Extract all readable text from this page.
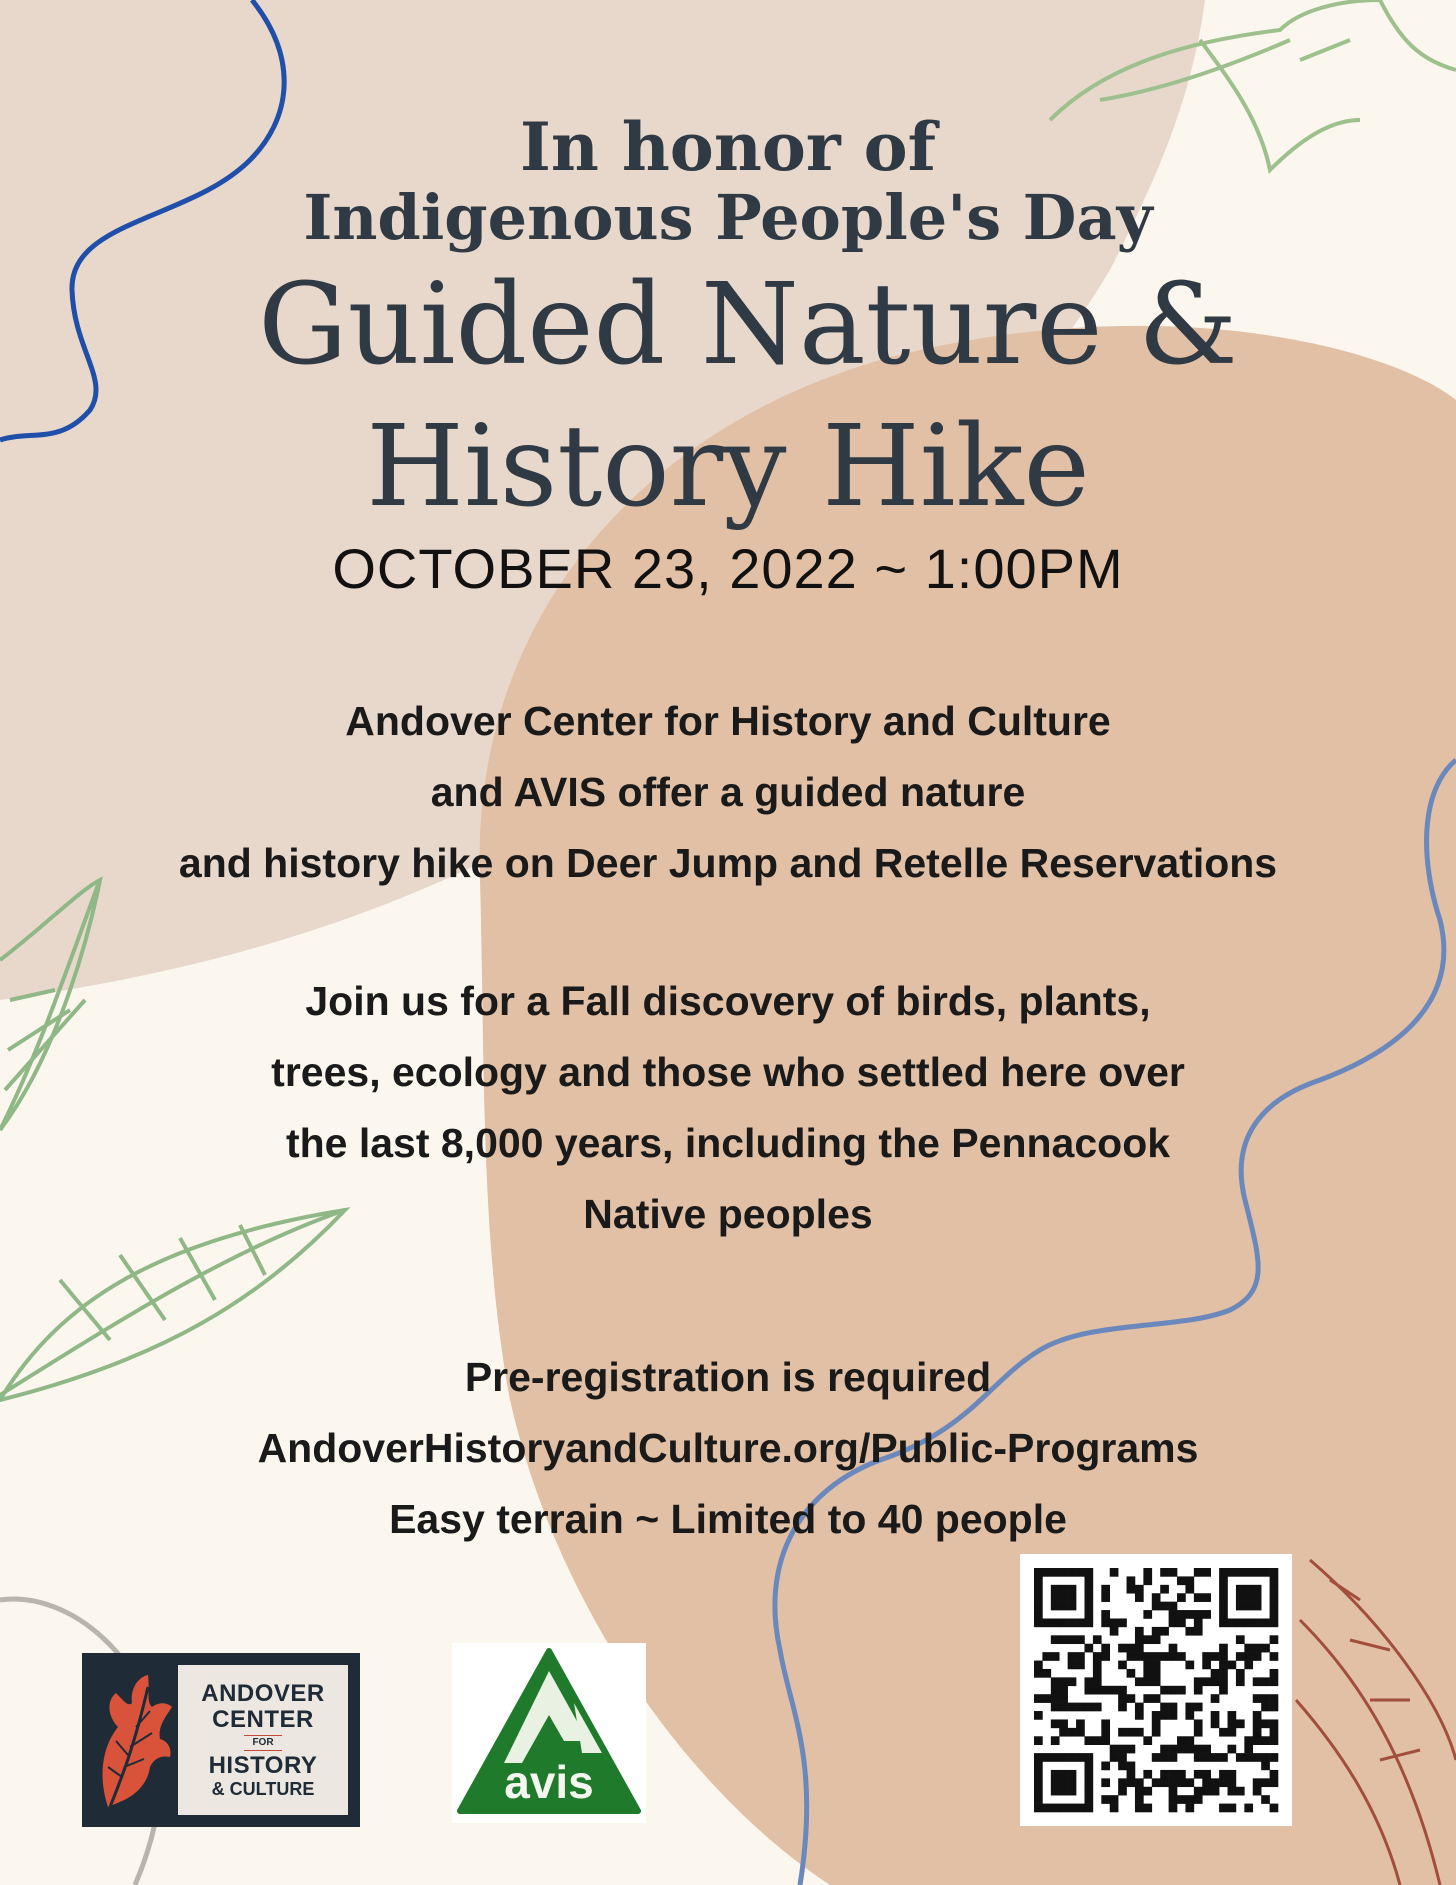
In honor of
Indigenous People's Day
Guided Nature &
History Hike
OCTOBER 23, 2022 ~ 1:00PM
Andover Center for History and Culture
and AVIS offer a guided nature
and history hike on Deer Jump and Retelle Reservations
Join us for a Fall discovery of birds, plants,
trees, ecology and those who settled here over
the last 8,000 years, including the Pennacook
Native peoples
Pre-registration is required
AndoverHistoryandCulture.org/Public-Programs
Easy terrain ~ Limited to 40 people
ANDOVER
CENTER
FOR
HISTORY
& CULTURE	avis
